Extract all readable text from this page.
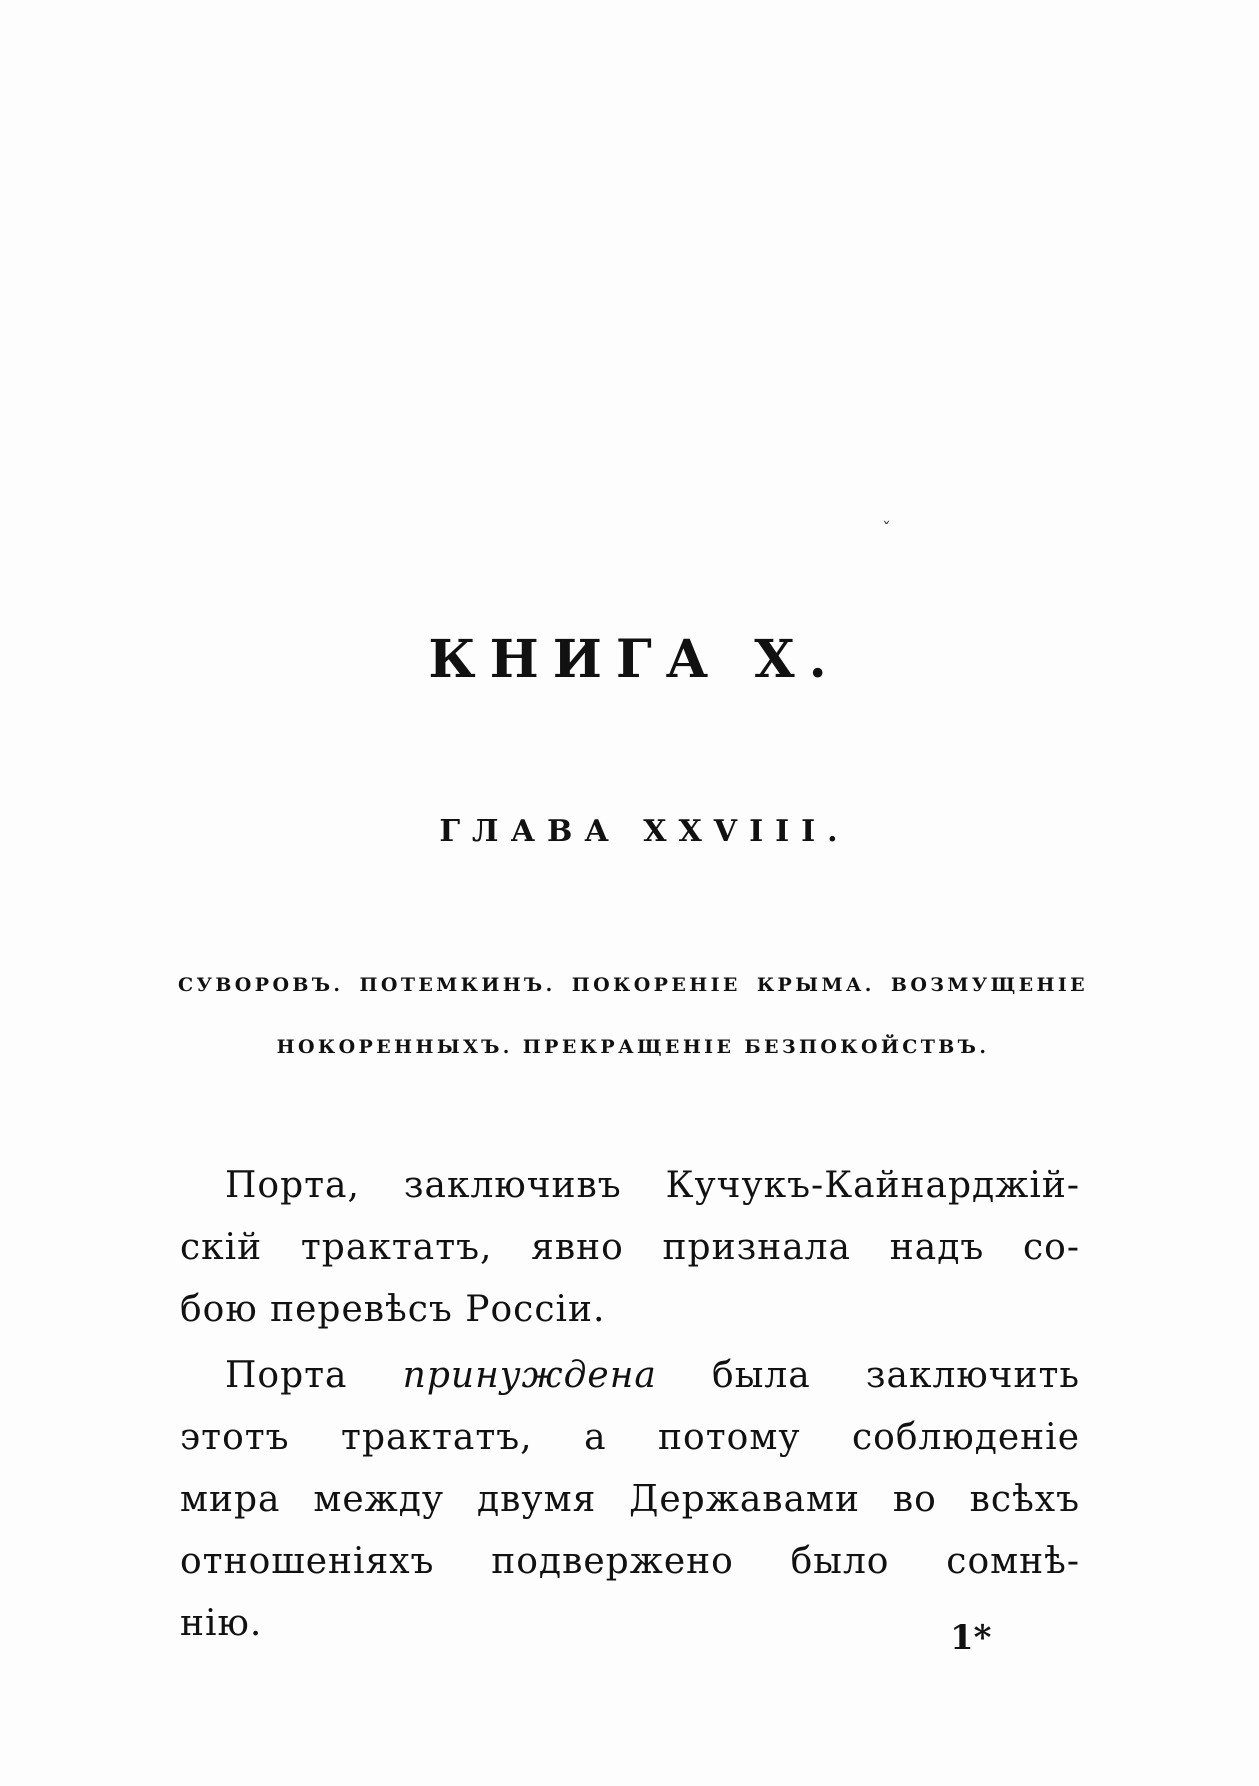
ˇ
КНИГА X.
ГЛАВА XXVIII.
СУВОРОВЪ. ПОТЕМКИНЪ. ПОКОРЕНІЕ КРЫМА. ВОЗМУЩЕНІЕ
НОКОРЕННЫХЪ. ПРЕКРАЩЕНІЕ БЕЗПОКОЙСТВЪ.

Порта, заключивъ Кучукъ-Кайнарджій-
скій трактатъ, явно признала надъ со-
бою перевѣсъ Россіи.

Порта принуждена была заключить
этотъ трактатъ, а потому соблюденіе
мира между двумя Державами во всѣхъ
отношеніяхъ подвержено было сомнѣ-
нію.	1*
